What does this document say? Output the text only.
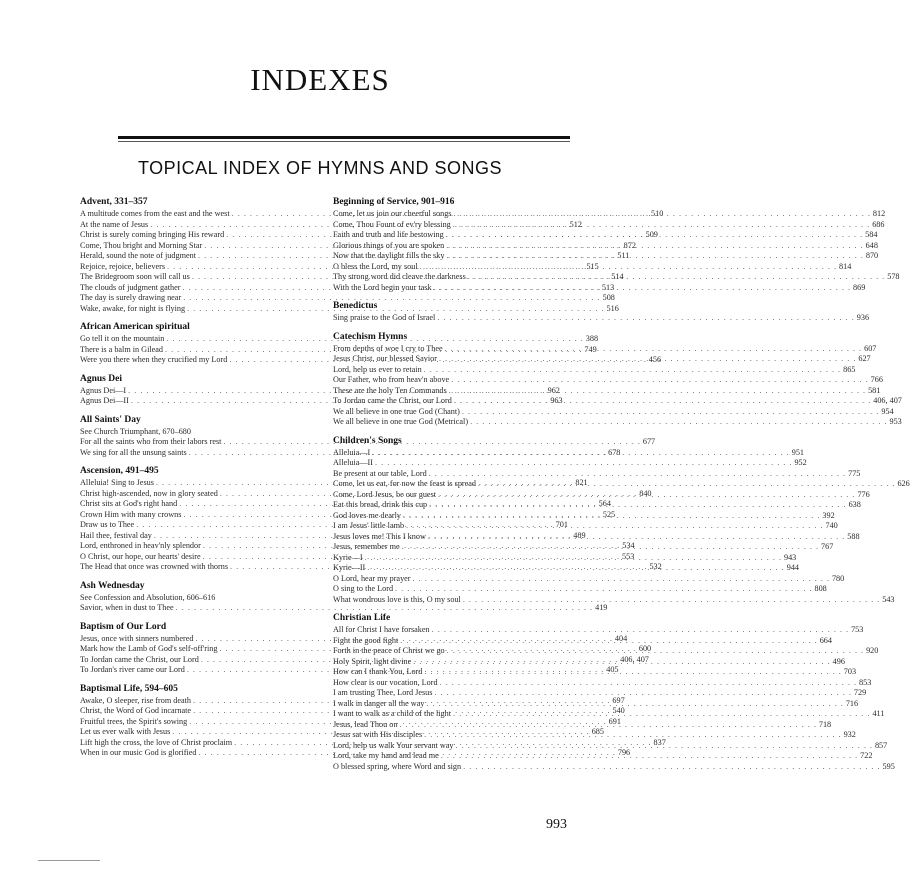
INDEXES
TOPICAL INDEX OF HYMNS AND SONGS
Advent, 331–357
A multitude comes from the east and the west . . .	510
At the name of Jesus . . .	512
Christ is surely coming bringing His reward . . .	509
Come, Thou bright and Morning Star . . .	872
Herald, sound the note of judgment . . .	511
Rejoice, rejoice, believers . . .	515
The Bridegroom soon will call us . . .	514
The clouds of judgment gather . . .	513
The day is surely drawing near . . .	508
Wake, awake, for night is flying . . .	516
African American spiritual
Go tell it on the mountain . . .	388
There is a balm in Gilead . . .	749
Were you there when they crucified my Lord . . .	456
Agnus Dei
Agnus Dei—I . . .	962
Agnus Dei—II . . .	963
All Saints' Day
See Church Triumphant, 670–680
For all the saints who from their labors rest . . .	677
We sing for all the unsung saints . . .	678
Ascension, 491–495
Alleluia! Sing to Jesus . . .	821
Christ high-ascended, now in glory seated . . .	840
Christ sits at God's right hand . . .	564
Crown Him with many crowns . . .	525
Draw us to Thee . . .	701
Hail thee, festival day . . .	489
Lord, enthroned in heav'nly splendor . . .	534
O Christ, our hope, our hearts' desire . . .	553
The Head that once was crowned with thorns . . .	532
Ash Wednesday
See Confession and Absolution, 606–616
Savior, when in dust to Thee . . .	419
Baptism of Our Lord
Jesus, once with sinners numbered . . .	404
Mark how the Lamb of God's self-off'ring . . .	600
To Jordan came the Christ, our Lord . . .	406, 407
To Jordan's river came our Lord . . .	405
Baptismal Life, 594–605
Awake, O sleeper, rise from death . . .	697
Christ, the Word of God incarnate . . .	540
Fruitful trees, the Spirit's sowing . . .	691
Let us ever walk with Jesus . . .	685
Lift high the cross, the love of Christ proclaim . . .	837
When in our music God is glorified . . .	796
Beginning of Service, 901–916
Come, let us join our cheerful songs . . .	812
Come, Thou Fount of ev'ry blessing . . .	686
Faith and truth and life bestowing . . .	584
Glorious things of you are spoken . . .	648
Now that the daylight fills the sky . . .	870
O bless the Lord, my soul . . .	814
Thy strong word did cleave the darkness . . .	578
With the Lord begin your task . . .	869
Benedictus
Sing praise to the God of Israel . . .	936
Catechism Hymns
From depths of woe I cry to Thee . . .	607
Jesus Christ, our blessed Savior . . .	627
Lord, help us ever to retain . . .	865
Our Father, who from heav'n above . . .	766
These are the holy Ten Commands . . .	581
To Jordan came the Christ, our Lord . . .	406, 407
We all believe in one true God (Chant) . . .	954
We all believe in one true God (Metrical) . . .	953
Children's Songs
Alleluia—I . . .	951
Alleluia—II . . .	952
Be present at our table, Lord . . .	775
Come, let us eat, for now the feast is spread . . .	626
Come, Lord Jesus, be our guest . . .	776
Eat this bread, drink this cup . . .	638
God loves me dearly . . .	392
I am Jesus' little lamb . . .	740
Jesus loves me! This I know . . .	588
Jesus, remember me . . .	767
Kyrie—I . . .	943
Kyrie—II . . .	944
O Lord, hear my prayer . . .	780
O sing to the Lord . . .	808
What wondrous love is this, O my soul . . .	543
Christian Life
All for Christ I have forsaken . . .	753
Fight the good fight . . .	664
Forth in the peace of Christ we go . . .	920
Holy Spirit, light divine . . .	496
How can I thank You, Lord . . .	703
How clear is our vocation, Lord . . .	853
I am trusting Thee, Lord Jesus . . .	729
I walk in danger all the way . . .	716
I want to walk as a child of the light . . .	411
Jesus, lead Thou on . . .	718
Jesus sat with His disciples . . .	932
Lord, help us walk Your servant way . . .	857
Lord, take my hand and lead me . . .	722
O blessed spring, where Word and sign . . .	595
993
